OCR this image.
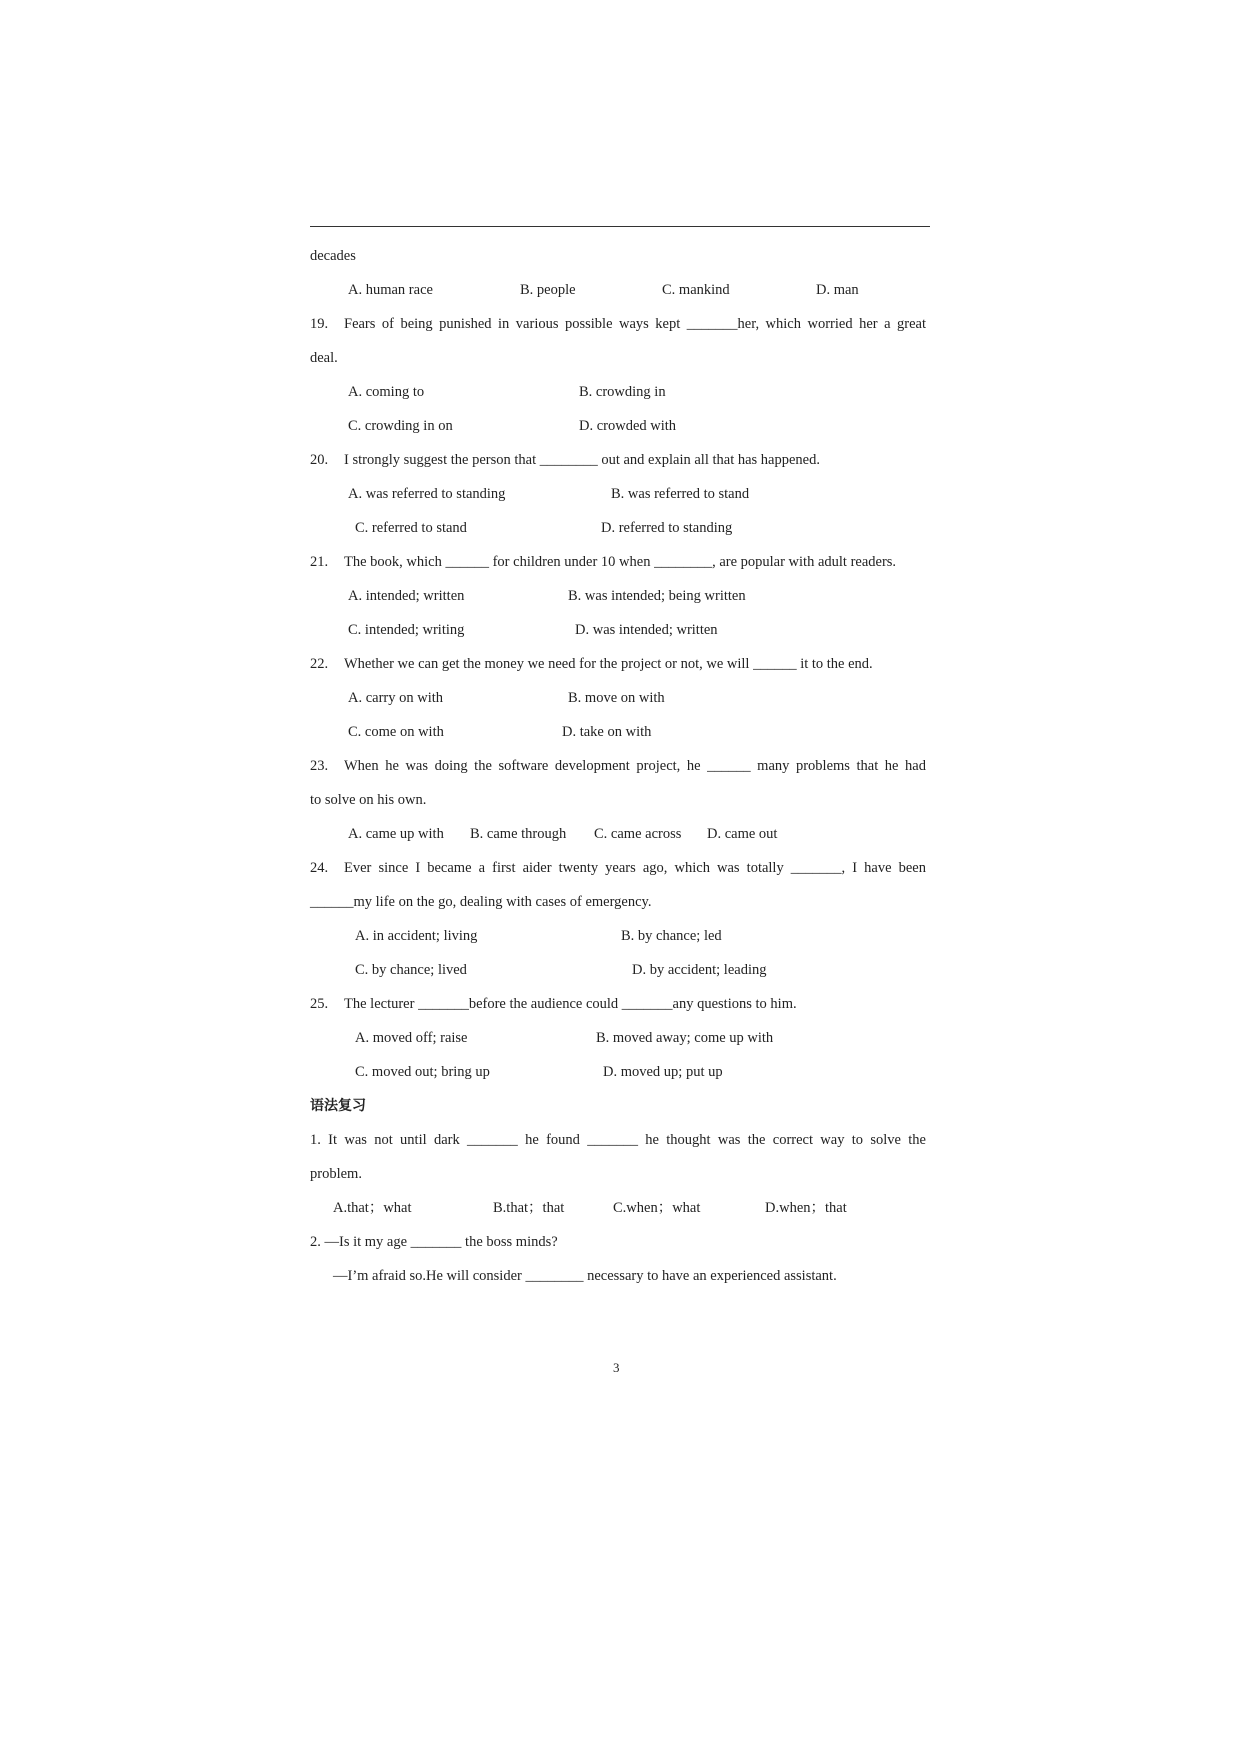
decades
A. human race	B. people	C. mankind	D. man
19. Fears of being punished in various possible ways kept _______her, which worried her a great
deal.
A. coming to	B. crowding in
C. crowding in on	D. crowded with
20. I strongly suggest the person that ________ out and explain all that has happened.
A. was referred to standing	B. was referred to stand
C. referred to stand	D. referred to standing
21. The book, which ______ for children under 10 when ________, are popular with adult readers.
A. intended; written	B. was intended; being written
C. intended; writing	D. was intended; written
22. Whether we can get the money we need for the project or not, we will ______ it to the end.
A. carry on with	B. move on with
C. come on with	D. take on with
23. When he was doing the software development project, he ______ many problems that he had
to solve on his own.
A. came up with B. came through C. came across D. came out
24. Ever since I became a first aider twenty years ago, which was totally _______, I have been
______my life on the go, dealing with cases of emergency.
A. in accident; living	B. by chance; led
C. by chance; lived	D. by accident; leading
25. The lecturer _______before the audience could _______any questions to him.
A. moved off; raise	B. moved away; come up with
C. moved out; bring up	D. moved up; put up
语法复习
1. It was not until dark _______ he found _______ he thought was the correct way to solve the
problem.
A.that；what	B.that；that	C.when；what	D.when；that
2. —Is it my age _______ the boss minds?
—I’m afraid so.He will consider ________ necessary to have an experienced assistant.
3
